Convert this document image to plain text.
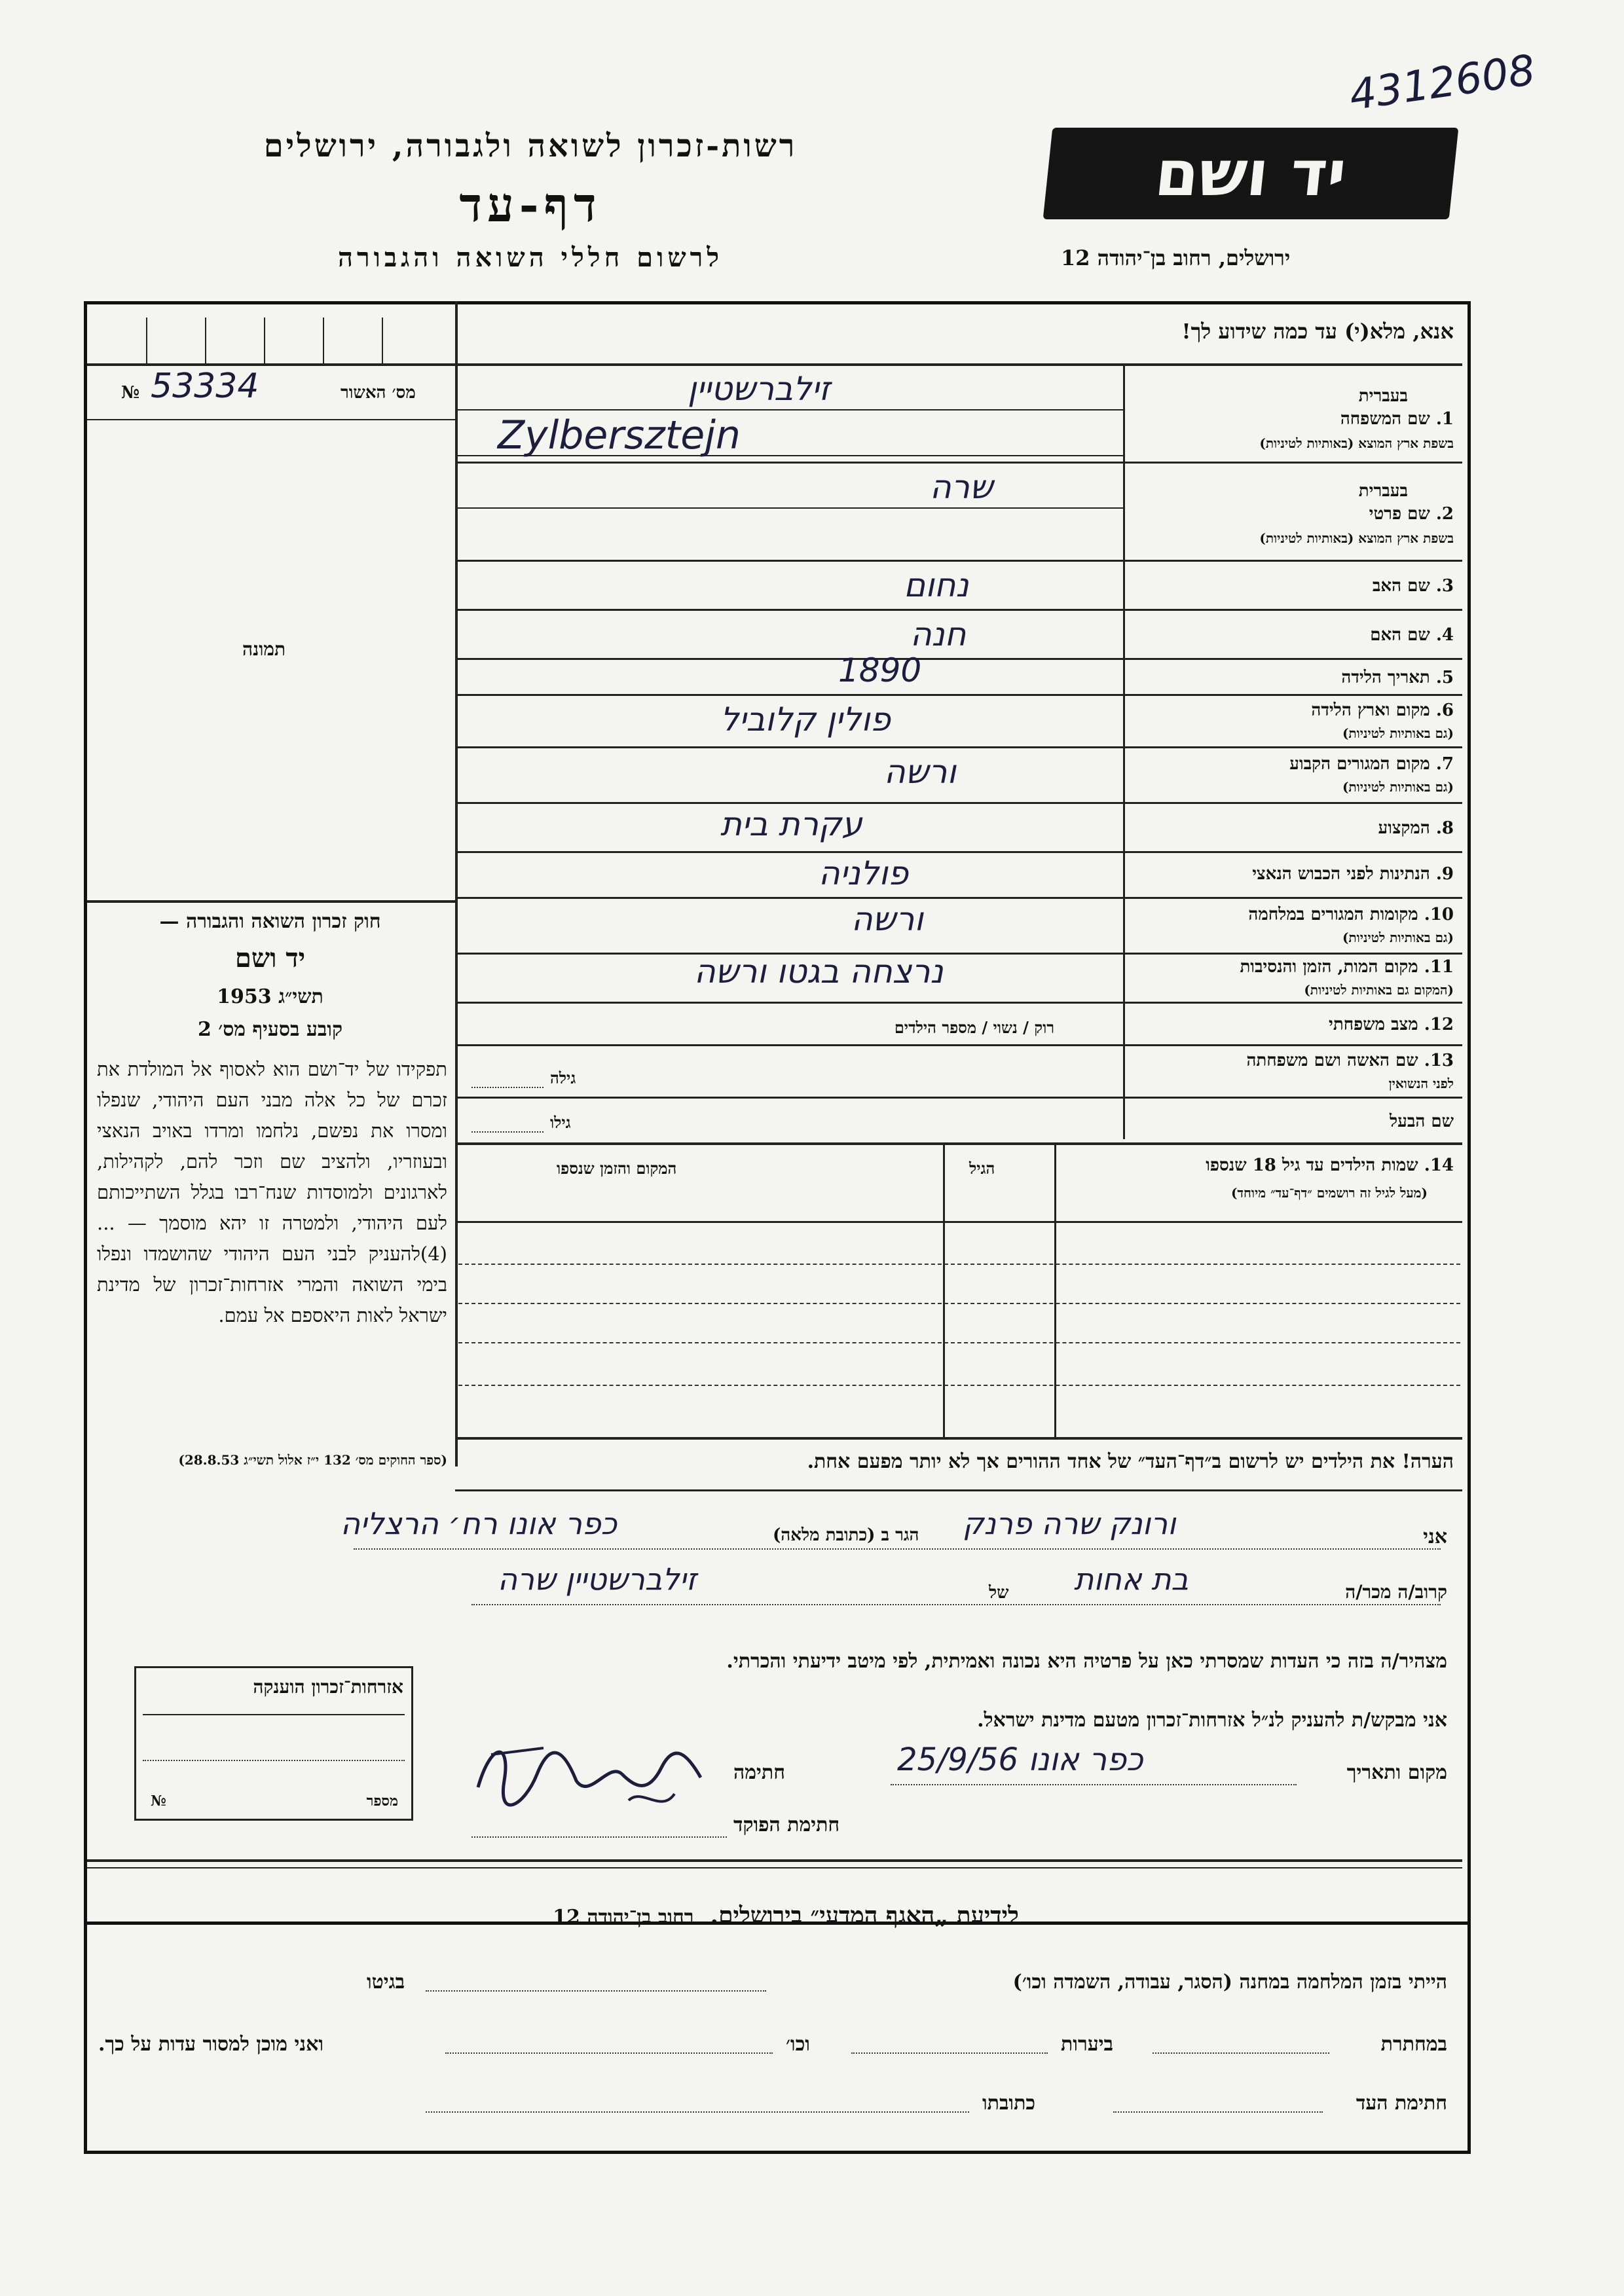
4312608
יד ושם
ירושלים, רחוב בן־יהודה 12
רשות-זכרון לשואה ולגבורה, ירושלים
דף-עד
לרשום חללי השואה והגבורה
אנא, מלא(י) עד כמה שידוע לך!
מס׳ האשור
53334
№
תמונה
חוק זכרון השואה והגבורה —
יד ושם
תשי״ג 1953
קובע בסעיף מס׳ 2
תפקידו של יד־ושם הוא לאסוף אל המולדת את זכרם של כל אלה מבני העם היהודי, שנפלו ומסרו את נפשם, נלחמו ומרדו באויב הנאצי ובעוזריו, ולהציב שם וזכר להם, לקהילות, לארגונים ולמוסדות שנח־רבו בגלל השתייכותם לעם היהודי, ולמטרה זו יהא מוסמך — ...(4)להעניק לבני העם היהודי שהושמדו ונפלו בימי השואה והמרי אזרחות־זכרון של מדינת ישראל לאות היאספם אל עמם.
(ספר החוקים מס׳ 132 י״ז אלול תשי״ג 28.8.53)
בעברית
1. שם המשפחה
בשפת ארץ המוצא (באותיות לטיניות)
זילברשטיין
Zylbersztejn
בעברית
2. שם פרטי
בשפת ארץ המוצא (באותיות לטיניות)
שרה
3. שם האב
נחום
4. שם האם
חנה
5. תאריך הלידה
1890
6. מקום וארץ הלידה
(גם באותיות לטיניות)
פולין קלוביל
7. מקום המגורים הקבוע
(גם באותיות לטיניות)
ורשה
8. המקצוע
עקרת בית
9. הנתינות לפני הכבוש הנאצי
פולניה
10. מקומות המגורים במלחמה
(גם באותיות לטיניות)
ורשה
11. מקום המות, הזמן והנסיבות
(המקום גם באותיות לטיניות)
נרצחה בגטו ורשה
12. מצב משפחתי
רוק / נשוי / מספר הילדים
13. שם האשה ושם משפחתה
לפני הנשואין
גילה
שם הבעל
גילו
14. שמות הילדים עד גיל 18 שנספו
(מעל לגיל זה רושמים ״דף־עד״ מיוחד)
הגיל
המקום והזמן שנספו
הערה! את הילדים יש לרשום ב״דף־העד״ של אחד ההורים אך לא יותר מפעם אחת.
אני
ורונק שרה פרנק
הגר ב (כתובת מלאה)
כפר אונו רח׳ הרצליה
קרוב/ה מכר/ה
בת אחות
של
זילברשטיין שרה
מצהיר/ה בזה כי העדות שמסרתי כאן על פרטיה היא נכונה ואמיתית, לפי מיטב ידיעתי והכרתי.
אני מבקש/ת להעניק לנ״ל אזרחות־זכרון מטעם מדינת ישראל.
מקום ותאריך
כפר אונו 25/9/56
חתימה
חתימת הפוקד
אזרחות־זכרון הוענקה
מספר
№
לידיעת „האגף המדעי״ בירושלים.  רחוב בן־יהודה 12
הייתי בזמן המלחמה במחנה (הסגר, עבודה, השמדה וכו׳)
בגיטו
במחתרת
ביערות
וכו׳
ואני מוכן למסור עדות על כך.
חתימת העד
כתובתו
